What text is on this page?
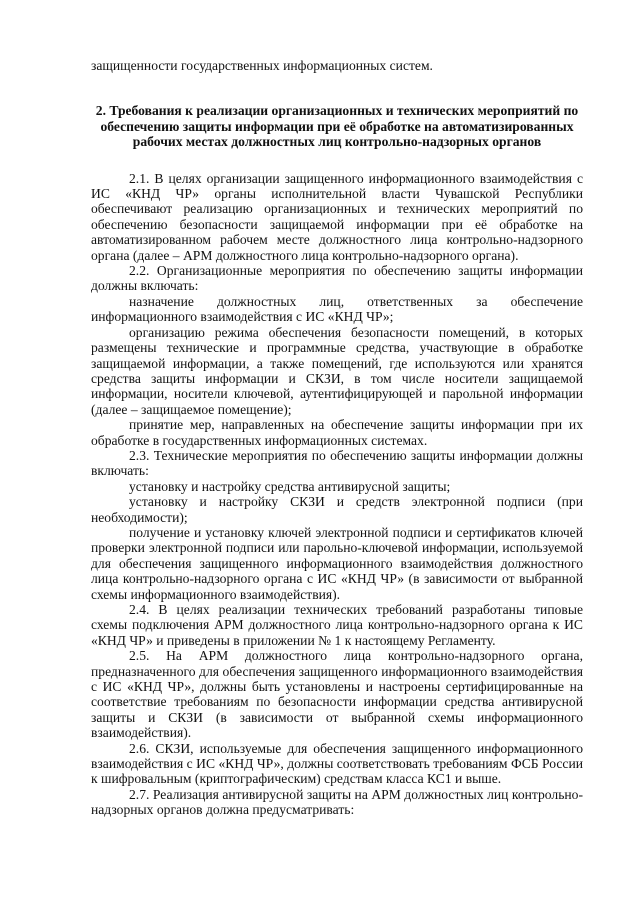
защищенности государственных информационных систем.

2. Требования к реализации организационных и технических мероприятий по обеспечению защиты информации при её обработке на автоматизированных рабочих местах должностных лиц контрольно-надзорных органов

2.1. В целях организации защищенного информационного взаимодействия с ИС «КНД ЧР» органы исполнительной власти Чувашской Республики обеспечивают реализацию организационных и технических мероприятий по обеспечению безопасности защищаемой информации при её обработке на автоматизированном рабочем месте должностного лица контрольно-надзорного органа (далее – АРМ должностного лица контрольно-надзорного органа).

2.2. Организационные мероприятия по обеспечению защиты информации должны включать:

назначение должностных лиц, ответственных за обеспечение информационного взаимодействия с ИС «КНД ЧР»;

организацию режима обеспечения безопасности помещений, в которых размещены технические и программные средства, участвующие в обработке защищаемой информации, а также помещений, где используются или хранятся средства защиты информации и СКЗИ, в том числе носители защищаемой информации, носители ключевой, аутентифицирующей и парольной информации (далее – защищаемое помещение);

принятие мер, направленных на обеспечение защиты информации при их обработке в государственных информационных системах.

2.3. Технические мероприятия по обеспечению защиты информации должны включать:

установку и настройку средства антивирусной защиты;

установку и настройку СКЗИ и средств электронной подписи (при необходимости);

получение и установку ключей электронной подписи и сертификатов ключей проверки электронной подписи или парольно-ключевой информации, используемой для обеспечения защищенного информационного взаимодействия должностного лица контрольно-надзорного органа с ИС «КНД ЧР» (в зависимости от выбранной схемы информационного взаимодействия).

2.4. В целях реализации технических требований разработаны типовые схемы подключения АРМ должностного лица контрольно-надзорного органа к ИС «КНД ЧР» и приведены в приложении № 1 к настоящему Регламенту.

2.5. На АРМ должностного лица контрольно-надзорного органа, предназначенного для обеспечения защищенного информационного взаимодействия с ИС «КНД ЧР», должны быть установлены и настроены сертифицированные на соответствие требованиям по безопасности информации средства антивирусной защиты и СКЗИ (в зависимости от выбранной схемы информационного взаимодействия).

2.6. СКЗИ, используемые для обеспечения защищенного информационного взаимодействия с ИС «КНД ЧР», должны соответствовать требованиям ФСБ России к шифровальным (криптографическим) средствам класса КС1 и выше.

2.7. Реализация антивирусной защиты на АРМ должностных лиц контрольно-надзорных органов должна предусматривать:
